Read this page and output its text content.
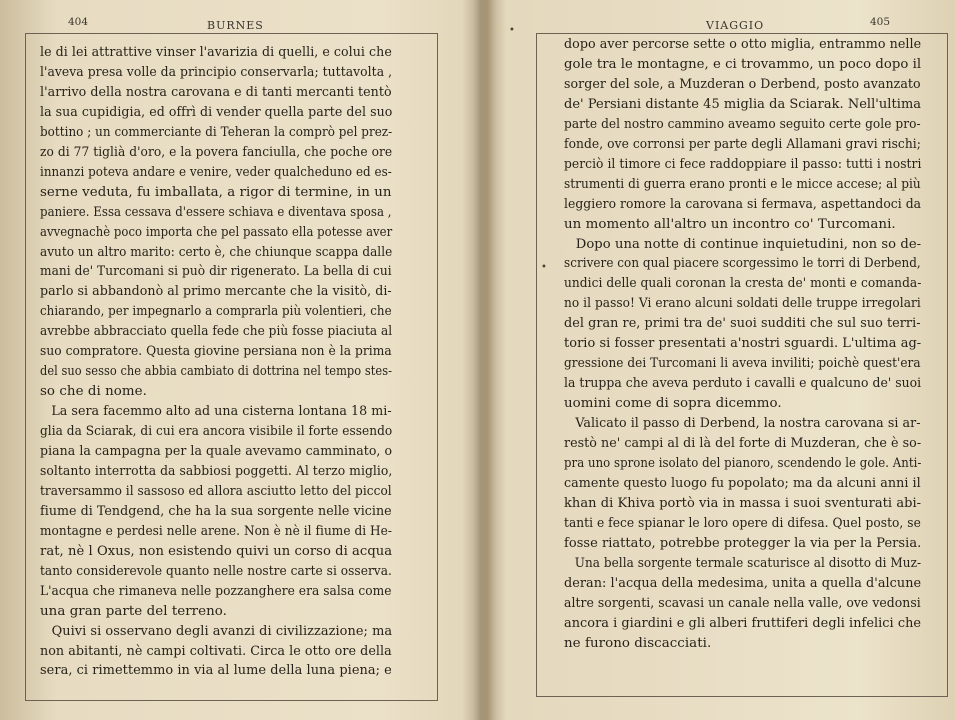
404	BURNES
le di lei attrattive vinser l'avarizia di quelli, e colui che
l'aveva presa volle da principio conservarla; tuttavolta ,
l'arrivo della nostra carovana e di tanti mercanti tentò
la sua cupidigia, ed offrì di vender quella parte del suo
bottino ; un commerciante di Teheran la comprò pel prez-
zo di 77 tiglià d'oro, e la povera fanciulla, che poche ore
innanzi poteva andare e venire, veder qualcheduno ed es-
serne veduta, fu imballata, a rigor di termine, in un
paniere. Essa cessava d'essere schiava e diventava sposa ,
avvegnachè poco importa che pel passato ella potesse aver
avuto un altro marito: certo è, che chiunque scappa dalle
mani de' Turcomani si può dir rigenerato. La bella di cui
parlo si abbandonò al primo mercante che la visitò, di-
chiarando, per impegnarlo a comprarla più volentieri, che
avrebbe abbracciato quella fede che più fosse piaciuta al
suo compratore. Questa giovine persiana non è la prima
del suo sesso che abbia cambiato di dottrina nel tempo stes-
so che di nome.
La sera facemmo alto ad una cisterna lontana 18 mi-
glia da Sciarak, di cui era ancora visibile il forte essendo
piana la campagna per la quale avevamo camminato, o
soltanto interrotta da sabbiosi poggetti. Al terzo miglio,
traversammo il sassoso ed allora asciutto letto del piccol
fiume di Tendgend, che ha la sua sorgente nelle vicine
montagne e perdesi nelle arene. Non è nè il fiume di He-
rat, nè l Oxus, non esistendo quivi un corso di acqua
tanto considerevole quanto nelle nostre carte si osserva.
L'acqua che rimaneva nelle pozzanghere era salsa come
una gran parte del terreno.
Quivi si osservano degli avanzi di civilizzazione; ma
non abitanti, nè campi coltivati. Circa le otto ore della
sera, ci rimettemmo in via al lume della luna piena; e
VIAGGIO	405
dopo aver percorse sette o otto miglia, entrammo nelle
gole tra le montagne, e ci trovammo, un poco dopo il
sorger del sole, a Muzderan o Derbend, posto avanzato
de' Persiani distante 45 miglia da Sciarak. Nell'ultima
parte del nostro cammino aveamo seguito certe gole pro-
fonde, ove corronsi per parte degli Allamani gravi rischi;
perciò il timore ci fece raddoppiare il passo: tutti i nostri
strumenti di guerra erano pronti e le micce accese; al più
leggiero romore la carovana si fermava, aspettandoci da
un momento all'altro un incontro co' Turcomani.
Dopo una notte di continue inquietudini, non so de-
scrivere con qual piacere scorgessimo le torri di Derbend,
undici delle quali coronan la cresta de' monti e comanda-
no il passo! Vi erano alcuni soldati delle truppe irregolari
del gran re, primi tra de' suoi sudditi che sul suo terri-
torio si fosser presentati a'nostri sguardi. L'ultima ag-
gressione dei Turcomani li aveva inviliti; poichè quest'era
la truppa che aveva perduto i cavalli e qualcuno de' suoi
uomini come di sopra dicemmo.
Valicato il passo di Derbend, la nostra carovana si ar-
restò ne' campi al di là del forte di Muzderan, che è so-
pra uno sprone isolato del pianoro, scendendo le gole. Anti-
camente questo luogo fu popolato; ma da alcuni anni il
khan di Khiva portò via in massa i suoi sventurati abi-
tanti e fece spianar le loro opere di difesa. Quel posto, se
fosse riattato, potrebbe protegger la via per la Persia.
Una bella sorgente termale scaturisce al disotto di Muz-
deran: l'acqua della medesima, unita a quella d'alcune
altre sorgenti, scavasi un canale nella valle, ove vedonsi
ancora i giardini e gli alberi fruttiferi degli infelici che
ne furono discacciati.
•
•
